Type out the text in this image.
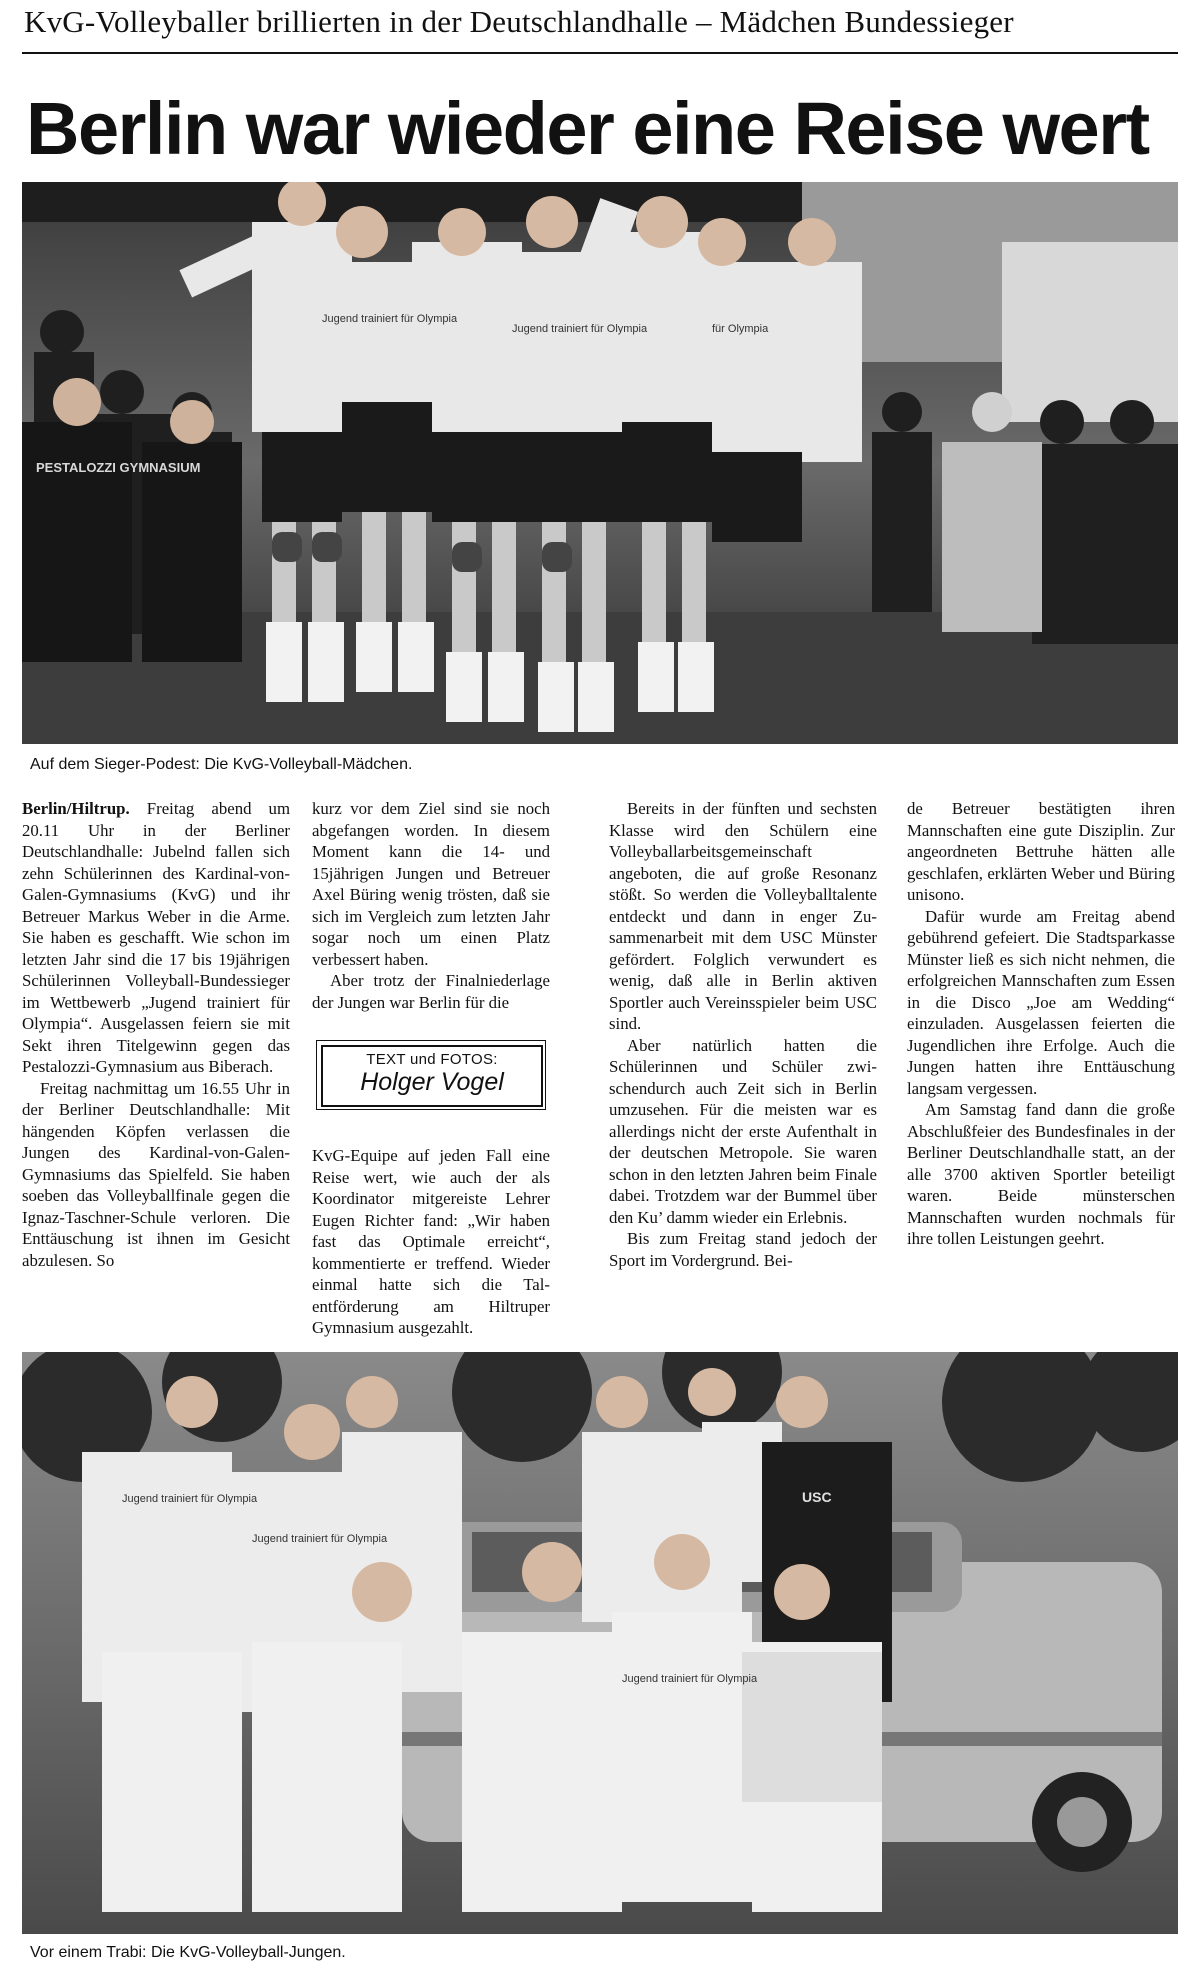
KvG-Volleyballer brillierten in der Deutschlandhalle – Mädchen Bundessieger
Berlin war wieder eine Reise wert
PESTALOZZI GYMNASIUM
Jugend trainiert für Olympia
Jugend trainiert für Olympia	für Olympia
Auf dem Sieger-Podest: Die KvG-Volleyball-Mädchen.

Berlin/Hiltrup. Freitag abend um 20.11 Uhr in der Berliner Deutschlandhalle: Jubelnd fallen sich zehn Schülerinnen des Kardinal-von-Galen-Gymnasiums (KvG) und ihr Betreuer Markus Weber in die Arme. Sie haben es geschafft. Wie schon im letzten Jahr sind die 17 bis 19jährigen Schülerinnen Volleyball-Bundessieger im Wettbewerb „Jugend trainiert für Olympia“. Ausgelassen feiern sie mit Sekt ihren Titelgewinn gegen das Pestalozzi-Gymnasium aus Biberach.

Freitag nachmittag um 16.55 Uhr in der Berliner Deutschlandhalle: Mit hängenden Köpfen verlassen die Jungen des Kardinal-von-Galen-Gymnasiums das Spielfeld. Sie haben soeben das Volleyballfinale gegen die Ignaz-Taschner-Schule verloren. Die Enttäuschung ist ihnen im Gesicht abzulesen. So

kurz vor dem Ziel sind sie noch abgefangen worden. In diesem Moment kann die 14- und 15jährigen Jungen und Betreuer Axel Büring wenig trösten, daß sie sich im Vergleich zum letzten Jahr sogar noch um einen Platz verbessert haben.

Aber trotz der Finalniederlage der Jungen war Berlin für die

TEXT und FOTOS:
Holger Vogel

KvG-Equipe auf jeden Fall eine Reise wert, wie auch der als Koordinator mitgereiste Lehrer Eugen Richter fand: „Wir haben fast das Optimale erreicht“, kommentierte er treffend. Wieder einmal hatte sich die Talentförderung am Hiltruper Gymnasium ausgezahlt.

Bereits in der fünften und sechsten Klasse wird den Schülern eine Volleyballarbeitsgemeinschaft angeboten, die auf große Resonanz stößt. So werden die Volleyballtalente entdeckt und dann in enger Zusammenarbeit mit dem USC Münster gefördert. Folglich verwundert es wenig, daß alle in Berlin aktiven Sportler auch Vereinsspieler beim USC sind.

Aber natürlich hatten die Schülerinnen und Schüler zwischendurch auch Zeit sich in Berlin umzusehen. Für die meisten war es allerdings nicht der erste Aufenthalt in der deutschen Metropole. Sie waren schon in den letzten Jahren beim Finale dabei. Trotzdem war der Bummel über den Ku’ damm wieder ein Erlebnis.

Bis zum Freitag stand jedoch der Sport im Vordergrund. Bei-

de Betreuer bestätigten ihren Mannschaften eine gute Disziplin. Zur angeordneten Bettruhe hätten alle geschlafen, erklärten Weber und Büring unisono.

Dafür wurde am Freitag abend gebührend gefeiert. Die Stadtsparkasse Münster ließ es sich nicht nehmen, die erfolgreichen Mannschaften zum Essen in die Disco „Joe am Wedding“ einzuladen. Ausgelassen feierten die Jugendlichen ihre Erfolge. Auch die Jungen hatten ihre Enttäuschung langsam vergessen.

Am Samstag fand dann die große Abschlußfeier des Bundesfinales in der Berliner Deutschlandhalle statt, an der alle 3700 aktiven Sportler beteiligt waren. Beide münsterschen Mannschaften wurden nochmals für ihre tollen Leistungen geehrt.

Jugend trainiert für Olympia
Jugend trainiert für Olympia
Jugend trainiert für Olympia
USC
Vor einem Trabi: Die KvG-Volleyball-Jungen.
